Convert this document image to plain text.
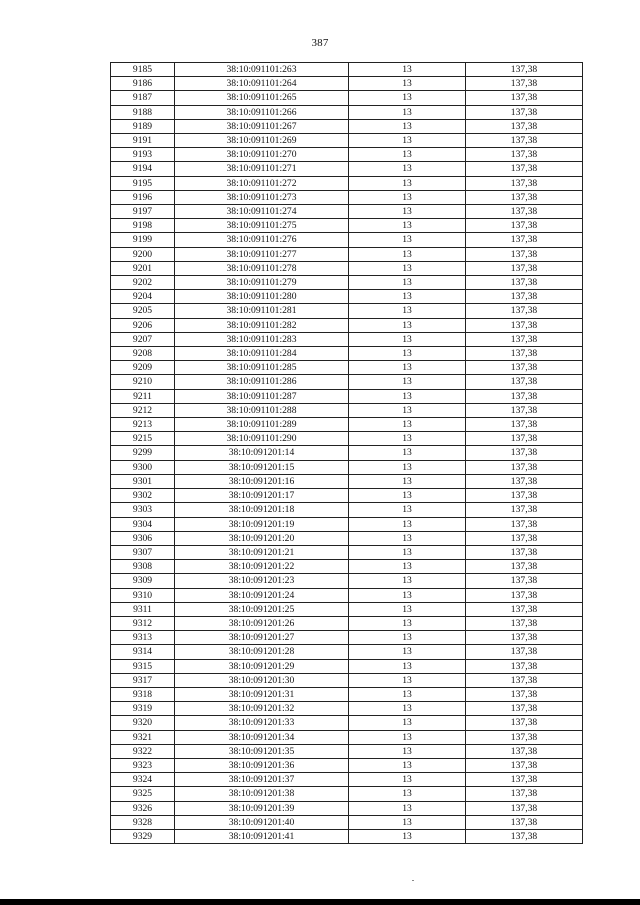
387
9185	38:10:091101:263	13	137,38
9186	38:10:091101:264	13	137,38
9187	38:10:091101:265	13	137,38
9188	38:10:091101:266	13	137,38
9189	38:10:091101:267	13	137,38
9191	38:10:091101:269	13	137,38
9193	38:10:091101:270	13	137,38
9194	38:10:091101:271	13	137,38
9195	38:10:091101:272	13	137,38
9196	38:10:091101:273	13	137,38
9197	38:10:091101:274	13	137,38
9198	38:10:091101:275	13	137,38
9199	38:10:091101:276	13	137,38
9200	38:10:091101:277	13	137,38
9201	38:10:091101:278	13	137,38
9202	38:10:091101:279	13	137,38
9204	38:10:091101:280	13	137,38
9205	38:10:091101:281	13	137,38
9206	38:10:091101:282	13	137,38
9207	38:10:091101:283	13	137,38
9208	38:10:091101:284	13	137,38
9209	38:10:091101:285	13	137,38
9210	38:10:091101:286	13	137,38
9211	38:10:091101:287	13	137,38
9212	38:10:091101:288	13	137,38
9213	38:10:091101:289	13	137,38
9215	38:10:091101:290	13	137,38
9299	38:10:091201:14	13	137,38
9300	38:10:091201:15	13	137,38
9301	38:10:091201:16	13	137,38
9302	38:10:091201:17	13	137,38
9303	38:10:091201:18	13	137,38
9304	38:10:091201:19	13	137,38
9306	38:10:091201:20	13	137,38
9307	38:10:091201:21	13	137,38
9308	38:10:091201:22	13	137,38
9309	38:10:091201:23	13	137,38
9310	38:10:091201:24	13	137,38
9311	38:10:091201:25	13	137,38
9312	38:10:091201:26	13	137,38
9313	38:10:091201:27	13	137,38
9314	38:10:091201:28	13	137,38
9315	38:10:091201:29	13	137,38
9317	38:10:091201:30	13	137,38
9318	38:10:091201:31	13	137,38
9319	38:10:091201:32	13	137,38
9320	38:10:091201:33	13	137,38
9321	38:10:091201:34	13	137,38
9322	38:10:091201:35	13	137,38
9323	38:10:091201:36	13	137,38
9324	38:10:091201:37	13	137,38
9325	38:10:091201:38	13	137,38
9326	38:10:091201:39	13	137,38
9328	38:10:091201:40	13	137,38
9329	38:10:091201:41	13	137,38
